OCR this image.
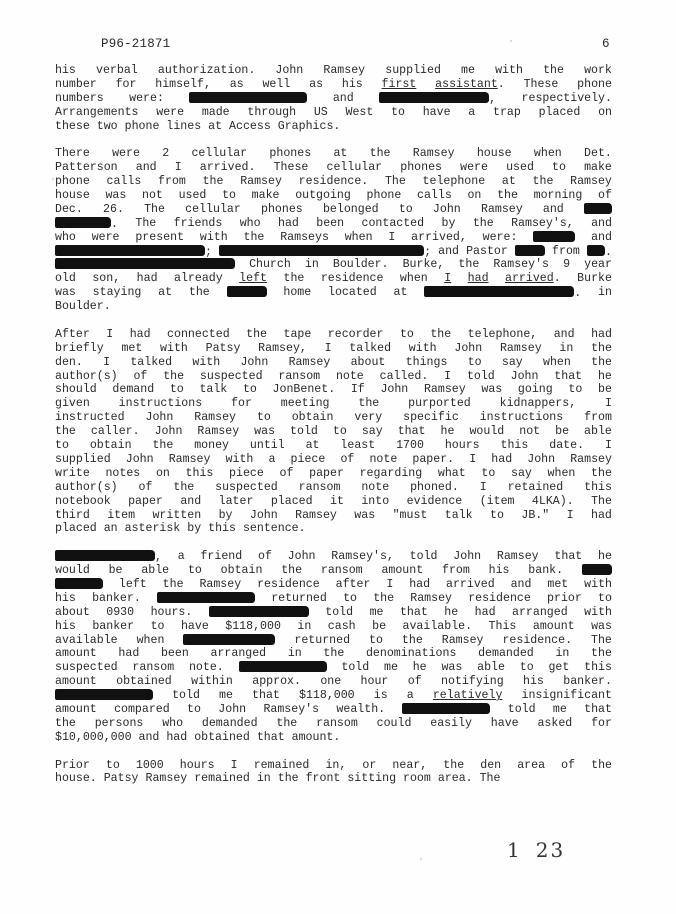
P96-21871	6
his verbal authorization. John Ramsey supplied me with the work
number for himself, as well as his first assistant. These phone
numbers were:	and	, respectively.
Arrangements were made through US West to have a trap placed on
these two phone lines at Access Graphics.
There were 2 cellular phones at the Ramsey house when Det.
Patterson and I arrived. These cellular phones were used to make
phone calls from the Ramsey residence. The telephone at the Ramsey
house was not used to make outgoing phone calls on the morning of
Dec. 26. The cellular phones belonged to John Ramsey and
. The friends who had been contacted by the Ramsey's, and
who were present with the Ramseys when I arrived, were:	and
;	; and Pastor	from	.
Church in Boulder. Burke, the Ramsey's 9 year
old son, had already left the residence when I had arrived. Burke
was staying at the	home located at	. in
Boulder.
After I had connected the tape recorder to the telephone, and had
briefly met with Patsy Ramsey, I talked with John Ramsey in the
den. I talked with John Ramsey about things to say when the
author(s) of the suspected ransom note called. I told John that he
should demand to talk to JonBenet. If John Ramsey was going to be
given instructions for meeting the purported kidnappers, I
instructed John Ramsey to obtain very specific instructions from
the caller. John Ramsey was told to say that he would not be able
to obtain the money until at least 1700 hours this date. I
supplied John Ramsey with a piece of note paper. I had John Ramsey
write notes on this piece of paper regarding what to say when the
author(s) of the suspected ransom note phoned. I retained this
notebook paper and later placed it into evidence (item 4LKA). The
third item written by John Ramsey was "must talk to JB." I had
placed an asterisk by this sentence.
, a friend of John Ramsey's, told John Ramsey that he
would be able to obtain the ransom amount from his bank.
left the Ramsey residence after I had arrived and met with
his banker.	returned to the Ramsey residence prior to
about 0930 hours.	told me that he had arranged with
his banker to have $118,000 in cash be available. This amount was
available when	returned to the Ramsey residence. The
amount had been arranged in the denominations demanded in the
suspected ransom note.	told me he was able to get this
amount obtained within approx. one hour of notifying his banker.
told me that $118,000 is a relatively insignificant
amount compared to John Ramsey's wealth.	told me that
the persons who demanded the ransom could easily have asked for
$10,000,000 and had obtained that amount.
Prior to 1000 hours I remained in, or near, the den area of the
house. Patsy Ramsey remained in the front sitting room area. The
1 23
